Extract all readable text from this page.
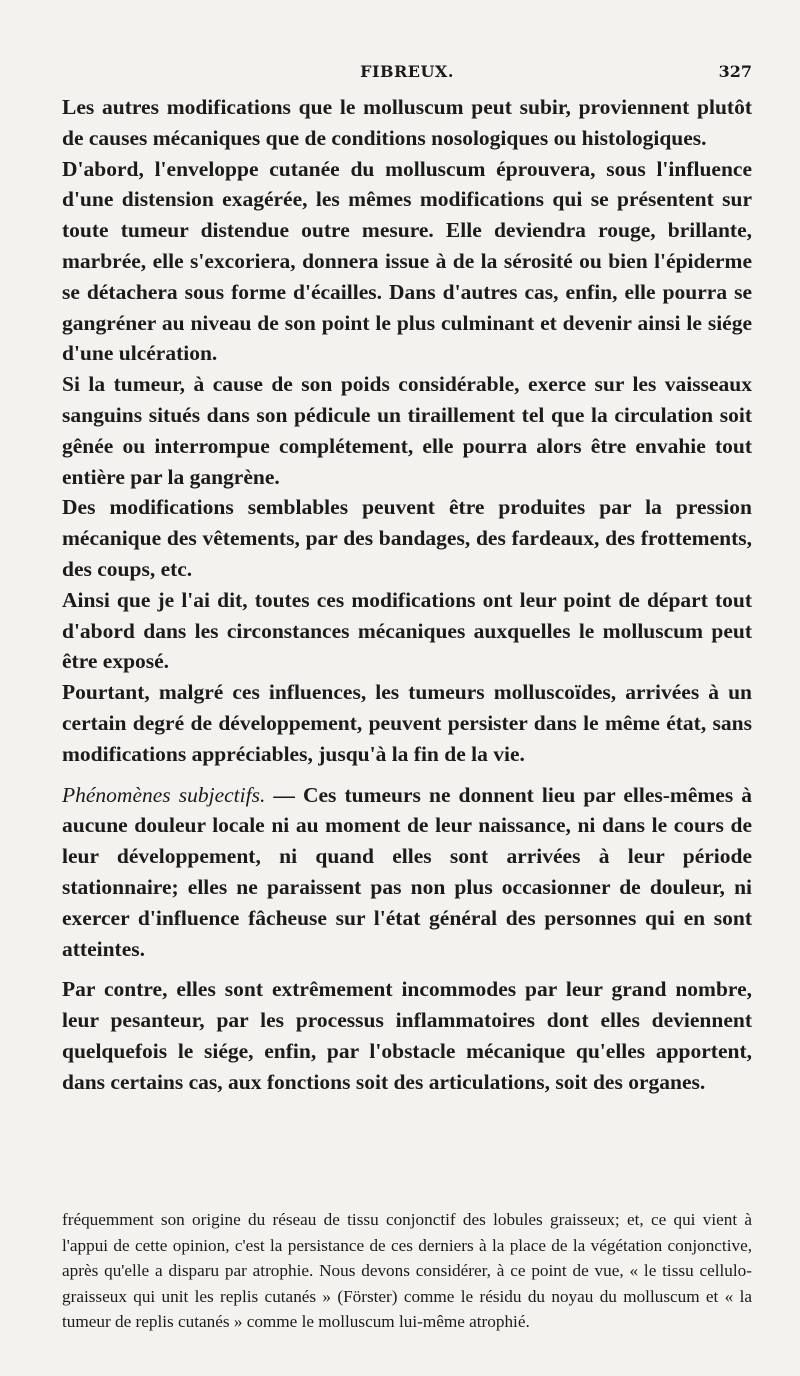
FIBREUX.	327

Les autres modifications que le molluscum peut subir, proviennent plutôt de causes mécaniques que de conditions nosologiques ou histologiques.

D'abord, l'enveloppe cutanée du molluscum éprouvera, sous l'influence d'une distension exagérée, les mêmes modifications qui se présentent sur toute tumeur distendue outre mesure. Elle deviendra rouge, brillante, marbrée, elle s'excoriera, donnera issue à de la sérosité ou bien l'épiderme se détachera sous forme d'écailles. Dans d'autres cas, enfin, elle pourra se gangréner au niveau de son point le plus culminant et devenir ainsi le siége d'une ulcération.

Si la tumeur, à cause de son poids considérable, exerce sur les vaisseaux sanguins situés dans son pédicule un tiraillement tel que la circulation soit gênée ou interrompue complétement, elle pourra alors être envahie tout entière par la gangrène.

Des modifications semblables peuvent être produites par la pression mécanique des vêtements, par des bandages, des fardeaux, des frottements, des coups, etc.

Ainsi que je l'ai dit, toutes ces modifications ont leur point de départ tout d'abord dans les circonstances mécaniques auxquelles le molluscum peut être exposé.

Pourtant, malgré ces influences, les tumeurs molluscoïdes, arrivées à un certain degré de développement, peuvent persister dans le même état, sans modifications appréciables, jusqu'à la fin de la vie.

Phénomènes subjectifs. — Ces tumeurs ne donnent lieu par elles-mêmes à aucune douleur locale ni au moment de leur naissance, ni dans le cours de leur développement, ni quand elles sont arrivées à leur période stationnaire; elles ne paraissent pas non plus occasionner de douleur, ni exercer d'influence fâcheuse sur l'état général des personnes qui en sont atteintes.

Par contre, elles sont extrêmement incommodes par leur grand nombre, leur pesanteur, par les processus inflammatoires dont elles deviennent quelquefois le siége, enfin, par l'obstacle mécanique qu'elles apportent, dans certains cas, aux fonctions soit des articulations, soit des organes.

fréquemment son origine du réseau de tissu conjonctif des lobules graisseux; et, ce qui vient à l'appui de cette opinion, c'est la persistance de ces derniers à la place de la végétation conjonctive, après qu'elle a disparu par atrophie. Nous devons considérer, à ce point de vue, « le tissu cellulo-graisseux qui unit les replis cutanés » (Förster) comme le résidu du noyau du molluscum et « la tumeur de replis cutanés » comme le molluscum lui-même atrophié.
